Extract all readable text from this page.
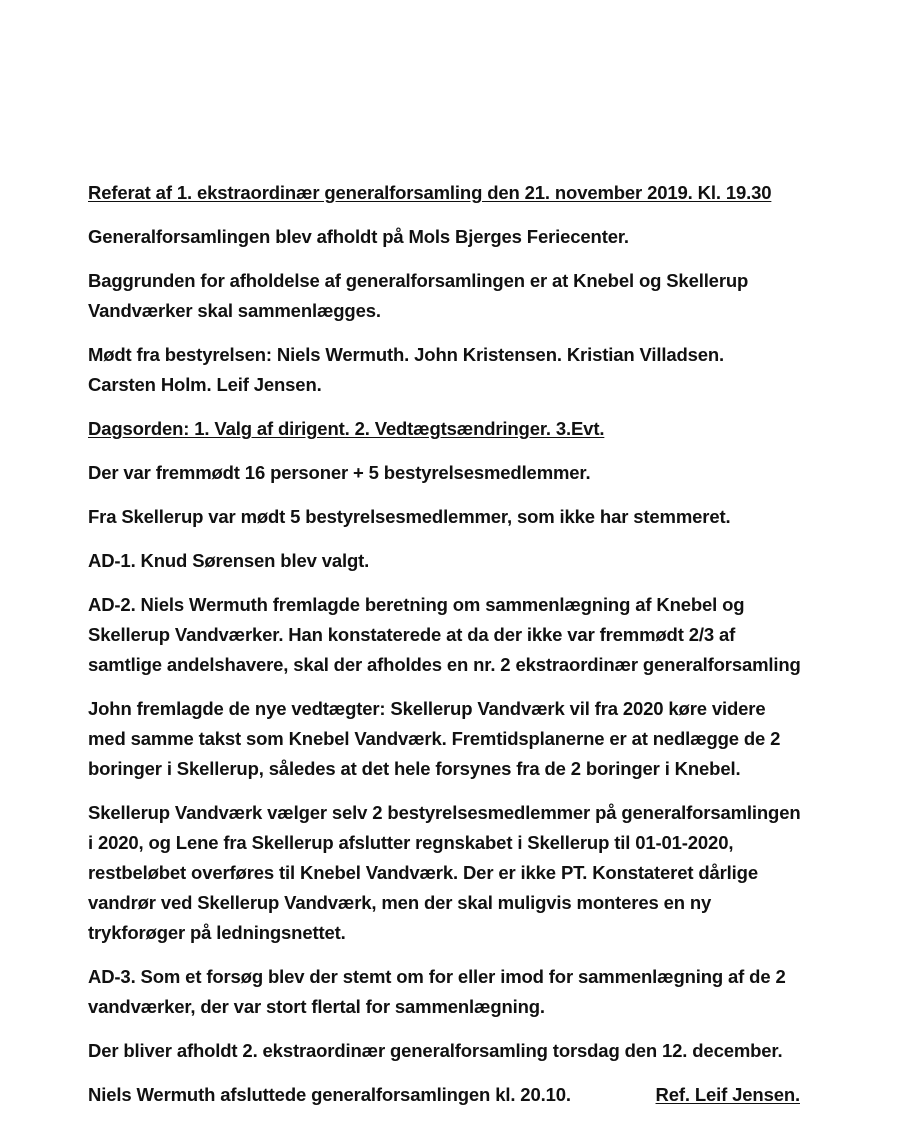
Referat af 1. ekstraordinær generalforsamling den 21. november 2019. Kl. 19.30
Generalforsamlingen blev afholdt på Mols Bjerges Feriecenter.
Baggrunden for afholdelse af generalforsamlingen er at Knebel og Skellerup
Vandværker skal sammenlægges.
Mødt fra bestyrelsen: Niels Wermuth. John Kristensen. Kristian Villadsen.
Carsten Holm. Leif Jensen.
Dagsorden: 1. Valg af dirigent. 2. Vedtægtsændringer. 3.Evt.
Der var fremmødt 16 personer + 5 bestyrelsesmedlemmer.
Fra Skellerup var mødt 5 bestyrelsesmedlemmer, som ikke har stemmeret.
AD-1. Knud Sørensen blev valgt.
AD-2. Niels Wermuth fremlagde beretning om sammenlægning af Knebel og
Skellerup Vandværker. Han konstaterede at da der ikke var fremmødt 2/3 af
samtlige andelshavere, skal der afholdes en nr. 2 ekstraordinær generalforsamling
John fremlagde de nye vedtægter: Skellerup Vandværk vil fra 2020 køre videre
med samme takst som Knebel Vandværk. Fremtidsplanerne er at nedlægge de 2
boringer i Skellerup, således at det hele forsynes fra de 2 boringer i Knebel.
Skellerup Vandværk vælger selv 2 bestyrelsesmedlemmer på generalforsamlingen
i 2020, og Lene fra Skellerup afslutter regnskabet i Skellerup til 01-01-2020,
restbeløbet overføres til Knebel Vandværk. Der er ikke PT. Konstateret dårlige
vandrør ved Skellerup Vandværk, men der skal muligvis monteres en ny
trykforøger på ledningsnettet.
AD-3. Som et forsøg blev der stemt om for eller imod for sammenlægning af de 2
vandværker, der var stort flertal for sammenlægning.
Der bliver afholdt 2. ekstraordinær generalforsamling torsdag den 12. december.
Niels Wermuth afsluttede generalforsamlingen kl. 20.10.	Ref. Leif Jensen.
